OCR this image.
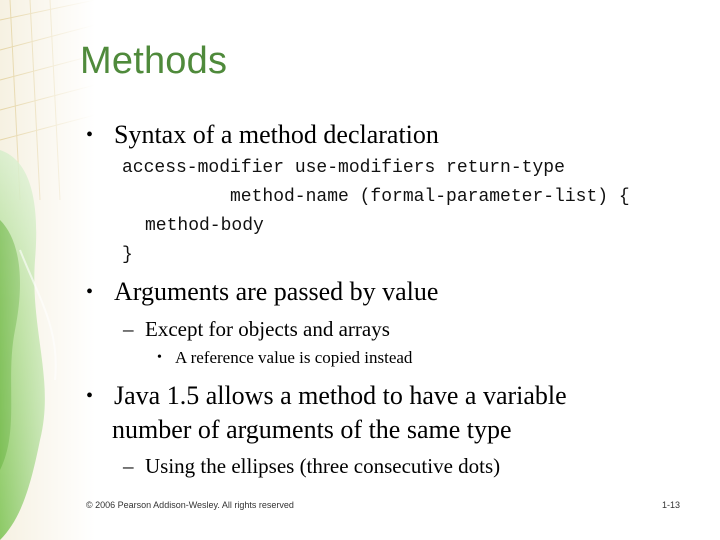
Methods
• Syntax of a method declaration
access-modifier use-modifiers return-type
method-name (formal-parameter-list) {
method-body
}
• Arguments are passed by value
– Except for objects and arrays
• A reference value is copied instead
• Java 1.5 allows a method to have a variable
number of arguments of the same type
– Using the ellipses (three consecutive dots)
© 2006 Pearson Addison-Wesley. All rights reserved	1-13
